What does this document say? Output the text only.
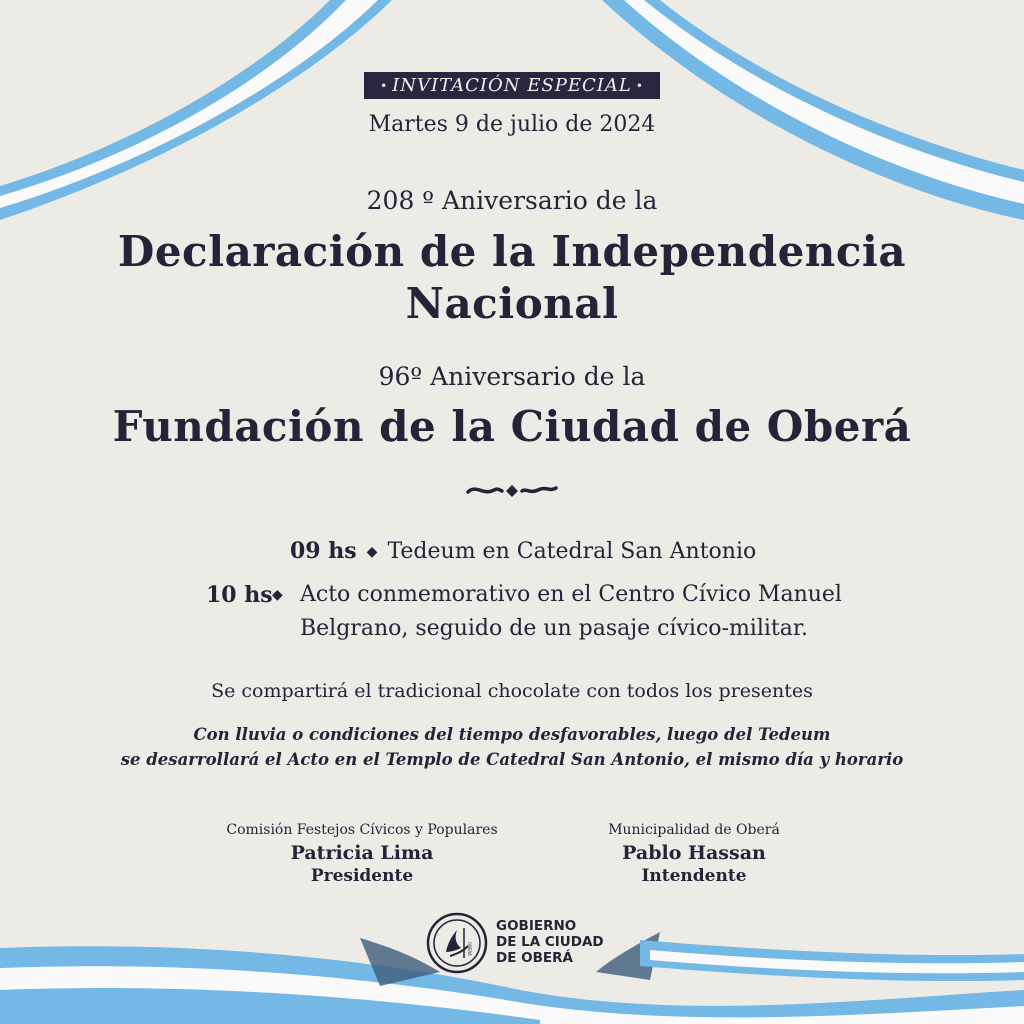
• INVITACIÓN ESPECIAL •
Martes 9 de julio de 2024
208 º Aniversario de la
Declaración de la Independencia
Nacional
96º Aniversario de la
Fundación de la Ciudad de Oberá
09 hs ◆ Tedeum en Catedral San Antonio
10 hs ◆ Acto conmemorativo en el Centro Cívico Manuel
Belgrano, seguido de un pasaje cívico-militar.
Se compartirá el tradicional chocolate con todos los presentes
Con lluvia o condiciones del tiempo desfavorables, luego del Tedeum
se desarrollará el Acto en el Templo de Catedral San Antonio, el mismo día y horario
Comisión Festejos Cívicos y Populares
Patricia Lima
Presidente
Municipalidad de Oberá
Pablo Hassan
Intendente
OBERÁ
GOBIERNO
DE LA CIUDAD
DE OBERÁ
